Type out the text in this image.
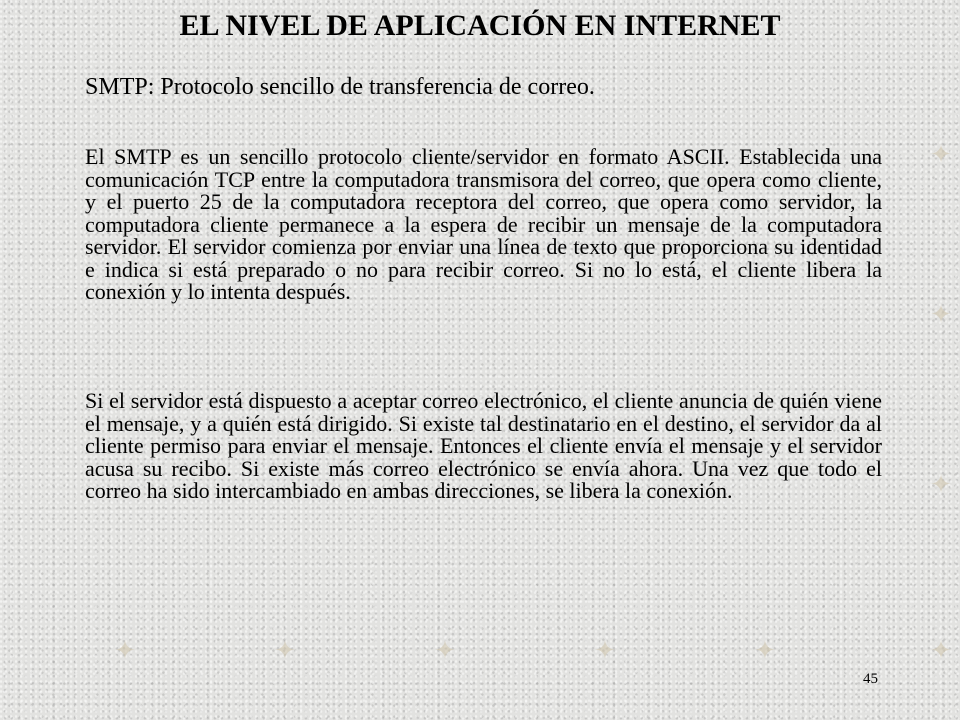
✦
✦
✦
✦	✦	✦	✦	✦	✦
EL NIVEL DE APLICACIÓN EN INTERNET

SMTP: Protocolo sencillo de transferencia de correo.

El SMTP es un sencillo protocolo cliente/servidor en formato ASCII. Establecida una comunicación TCP entre la computadora transmisora del correo, que opera como cliente, y el puerto 25 de la computadora receptora del correo, que opera como servidor, la computadora cliente permanece a la espera de recibir un mensaje de la computadora servidor. El servidor comienza por enviar una línea de texto que proporciona su identidad e indica si está preparado o no para recibir correo. Si no lo está, el cliente libera la conexión y lo intenta después.

Si el servidor está dispuesto a aceptar correo electrónico, el cliente anuncia de quién viene el mensaje, y a quién está dirigido. Si existe tal destinatario en el destino, el servidor da al cliente permiso para enviar el mensaje. Entonces el cliente envía el mensaje y el servidor acusa su recibo. Si existe más correo electrónico se envía ahora. Una vez que todo el correo ha sido intercambiado en ambas direcciones, se libera la conexión.

45
